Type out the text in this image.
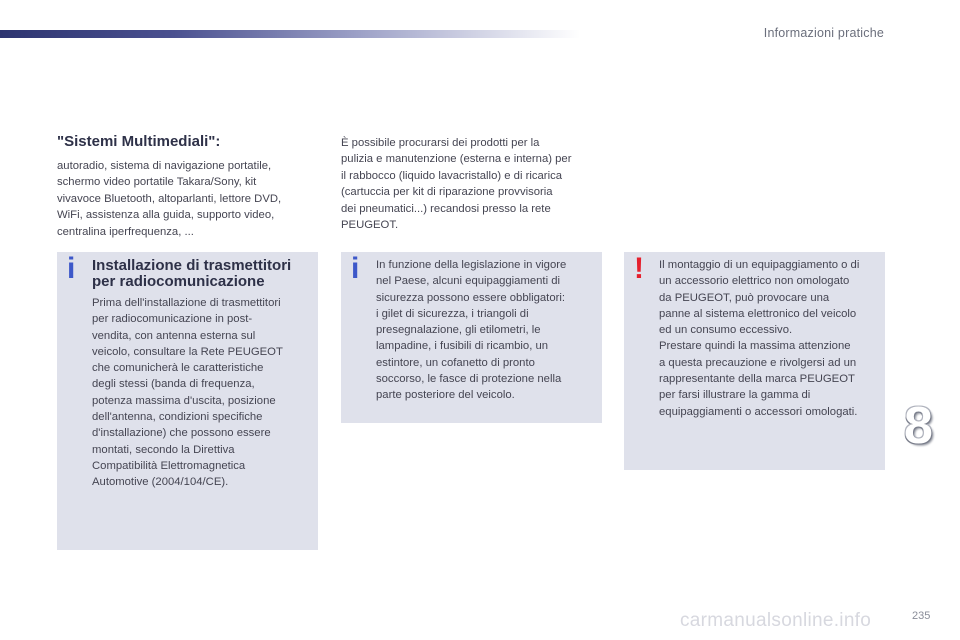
Informazioni pratiche
"Sistemi Multimediali":
autoradio, sistema di navigazione portatile,
schermo video portatile Takara/Sony, kit
vivavoce Bluetooth, altoparlanti, lettore DVD,
WiFi, assistenza alla guida, supporto video,
centralina iperfrequenza, ...
È possibile procurarsi dei prodotti per la
pulizia e manutenzione (esterna e interna) per
il rabbocco (liquido lavacristallo) e di ricarica
(cartuccia per kit di riparazione provvisoria
dei pneumatici...) recandosi presso la rete
PEUGEOT.
i Installazione di trasmettitori
per radiocomunicazione
Prima dell'installazione di trasmettitori
per radiocomunicazione in post-
vendita, con antenna esterna sul
veicolo, consultare la Rete PEUGEOT
che comunicherà le caratteristiche
degli stessi (banda di frequenza,
potenza massima d'uscita, posizione
dell'antenna, condizioni specifiche
d'installazione) che possono essere
montati, secondo la Direttiva
Compatibilità Elettromagnetica
Automotive (2004/104/CE).
i In funzione della legislazione in vigore
nel Paese, alcuni equipaggiamenti di
sicurezza possono essere obbligatori:
i gilet di sicurezza, i triangoli di
presegnalazione, gli etilometri, le
lampadine, i fusibili di ricambio, un
estintore, un cofanetto di pronto
soccorso, le fasce di protezione nella
parte posteriore del veicolo.
! Il montaggio di un equipaggiamento o di
un accessorio elettrico non omologato
da PEUGEOT, può provocare una
panne al sistema elettronico del veicolo
ed un consumo eccessivo.
Prestare quindi la massima attenzione
a questa precauzione e rivolgersi ad un
rappresentante della marca PEUGEOT
per farsi illustrare la gamma di
equipaggiamenti o accessori omologati. 8
carmanualsonline.info	235
